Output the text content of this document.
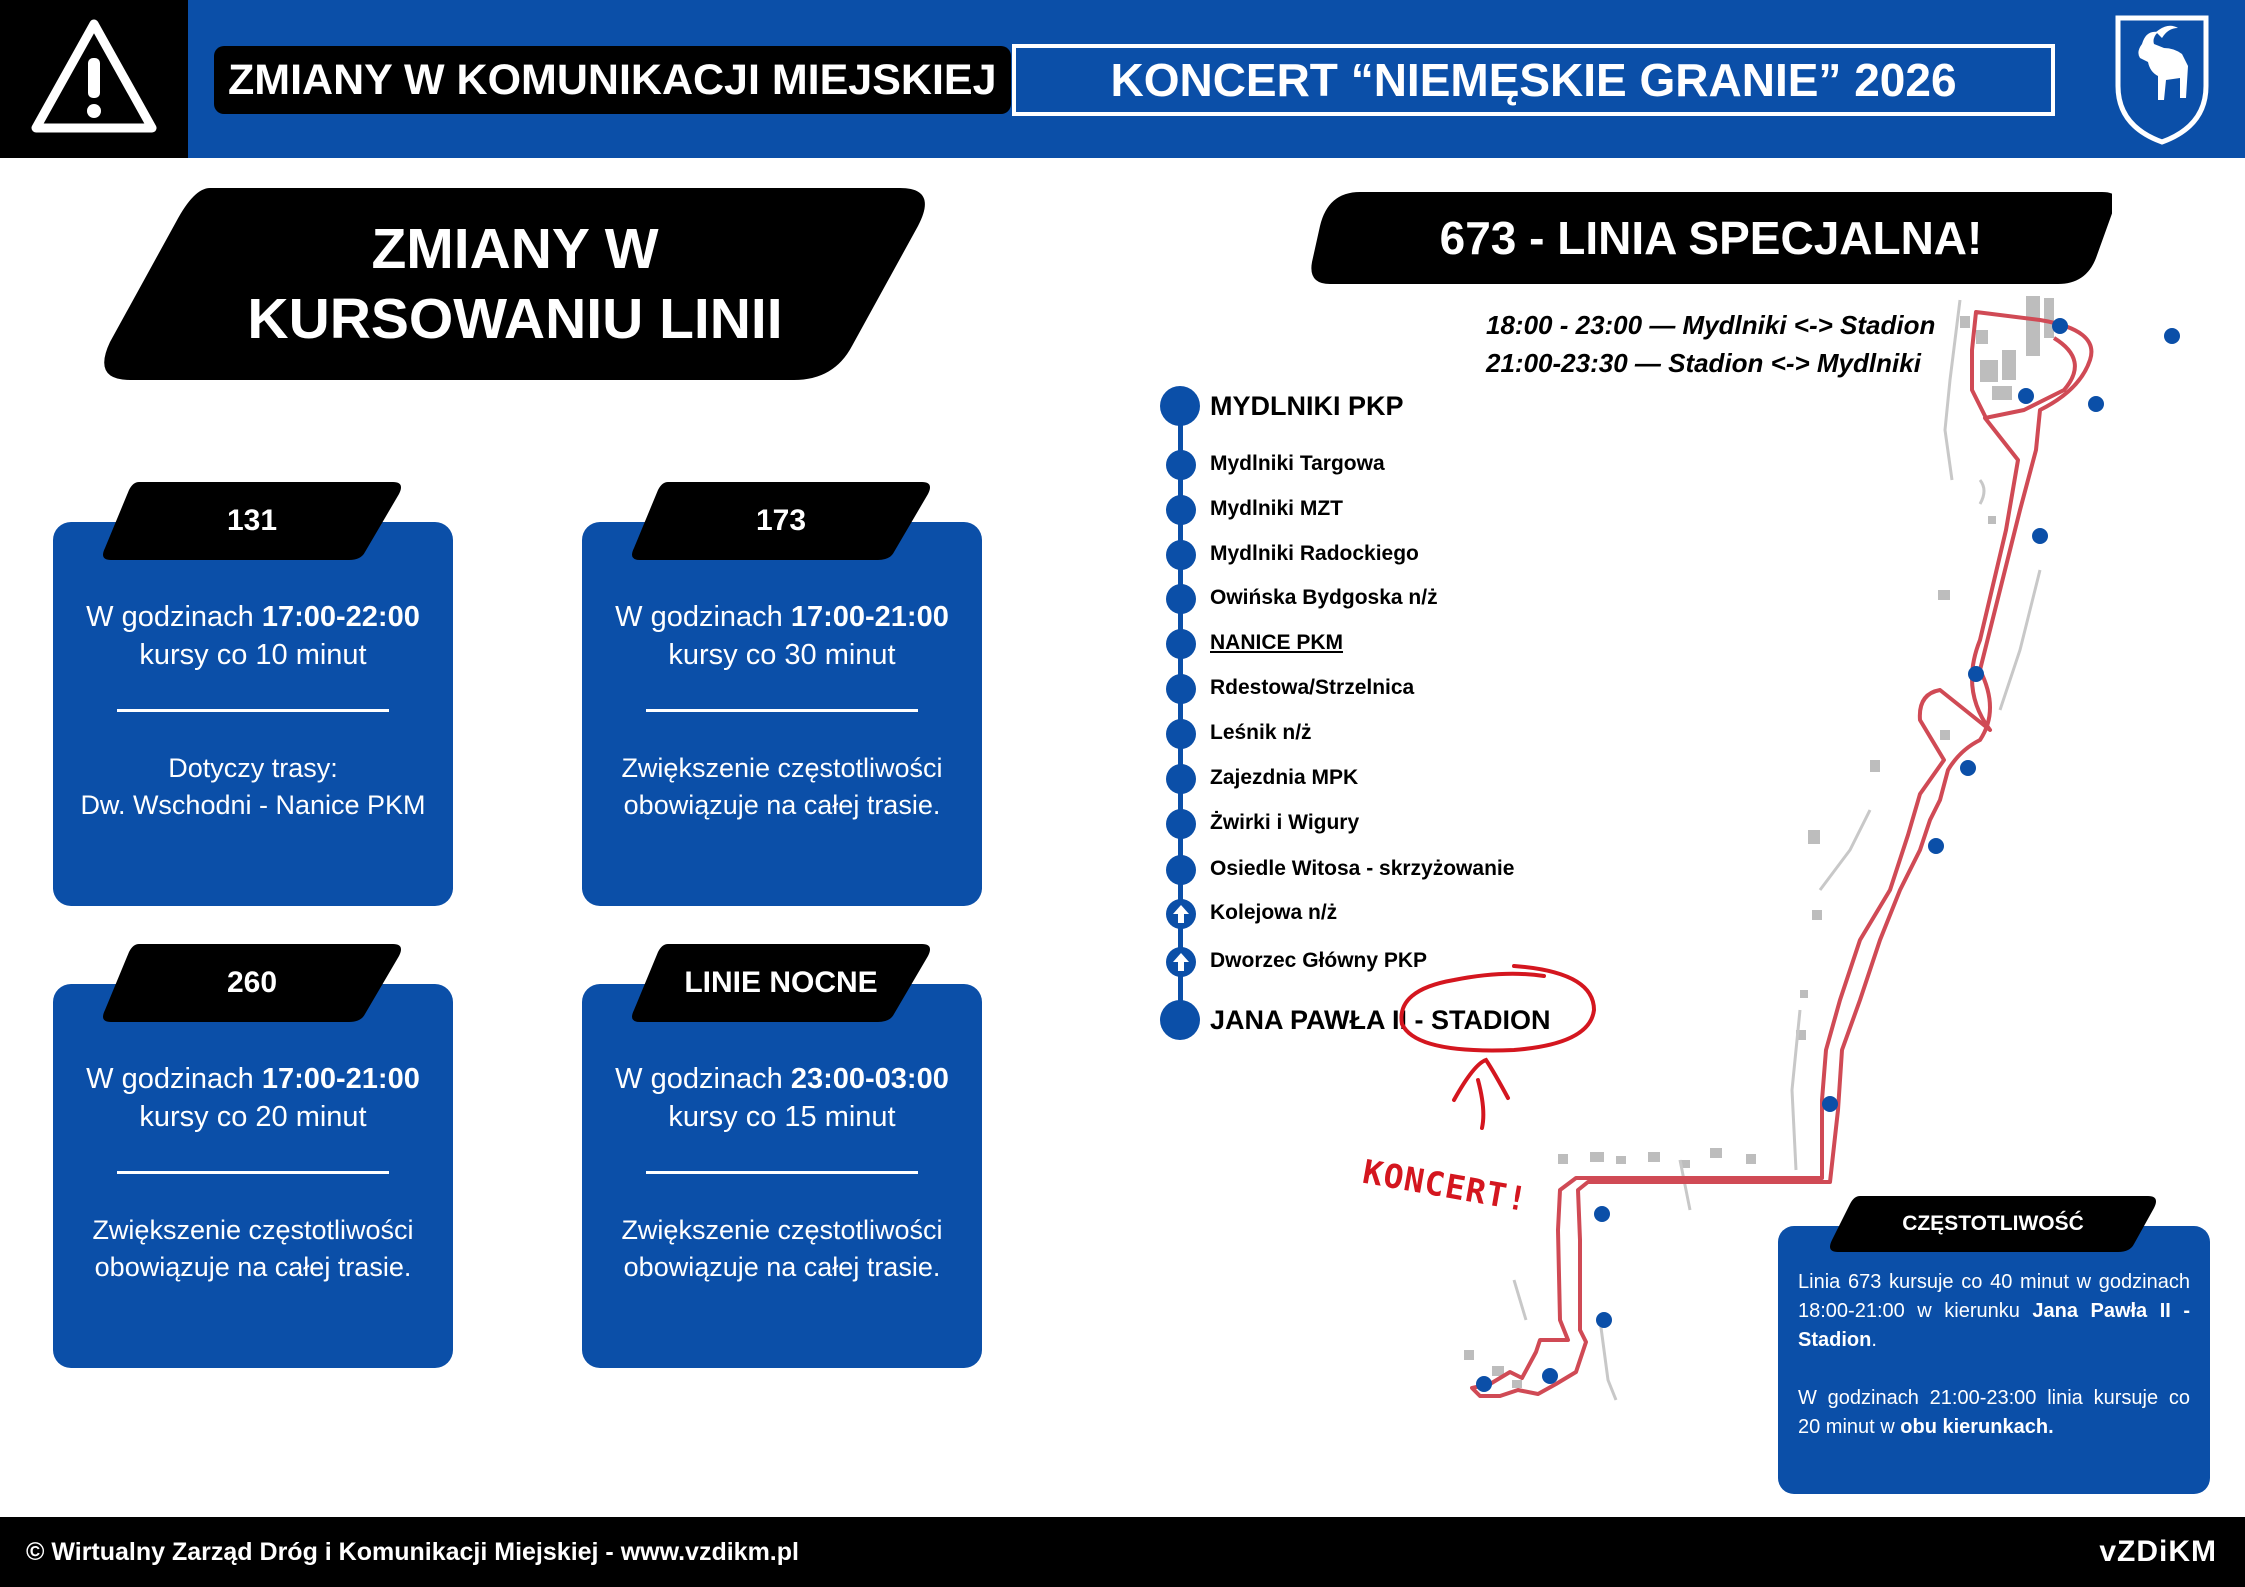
ZMIANY W KOMUNIKACJI MIEJSKIEJ	KONCERT “NIEMĘSKIE GRANIE” 2026
ZMIANY W
KURSOWANIU LINII
W godzinach 17:00-22:00
kursy co 10 minut
Dotyczy trasy:
Dw. Wschodni - Nanice PKM
131
W godzinach 17:00-21:00
kursy co 30 minut
Zwiększenie częstotliwości
obowiązuje na całej trasie.
173
W godzinach 17:00-21:00
kursy co 20 minut
Zwiększenie częstotliwości
obowiązuje na całej trasie.
260
W godzinach 23:00-03:00
kursy co 15 minut
Zwiększenie częstotliwości
obowiązuje na całej trasie.
LINIE NOCNE
673 - LINIA SPECJALNA!
18:00 - 23:00 — Mydlniki <-> Stadion
21:00-23:30 — Stadion <-> Mydlniki
MYDLNIKI PKP
Mydlniki Targowa
Mydlniki MZT
Mydlniki Radockiego
Owińska Bydgoska n/ż
NANICE PKM
Rdestowa/Strzelnica
Leśnik n/ż
Zajezdnia MPK
Żwirki i Wigury
Osiedle Witosa - skrzyżowanie
Kolejowa n/ż
Dworzec Główny PKP
JANA PAWŁA II - STADION
KONCERT!
Linia 673 kursuje co 40 minut w godzinach 18:00-21:00 w kierunku Jana Pawła II - Stadion.
W godzinach 21:00-23:00 linia kursuje co 20 minut w obu kierunkach.
CZĘSTOTLIWOŚĆ
© Wirtualny Zarząd Dróg i Komunikacji Miejskiej - www.vzdikm.pl	vZDiKM
